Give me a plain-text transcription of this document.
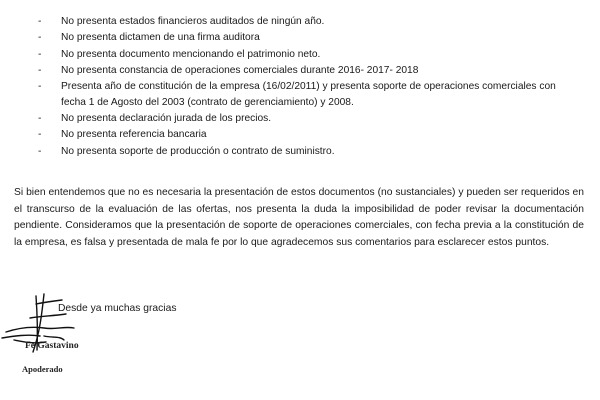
-	No presenta estados financieros auditados de ningún año.
-	No presenta dictamen de una firma auditora
-	No presenta documento mencionando el patrimonio neto.
-	No presenta constancia de operaciones comerciales durante 2016- 2017- 2018
-	Presenta año de constitución de la empresa (16/02/2011) y presenta soporte de operaciones comerciales con fecha 1 de Agosto del 2003 (contrato de gerenciamiento) y 2008.
-	No presenta declaración jurada de los precios.
-	No presenta referencia bancaria
-	No presenta soporte de producción o contrato de suministro.

Si bien entendemos que no es necesaria la presentación de estos documentos (no sustanciales) y pueden ser requeridos en el transcurso de la evaluación de las ofertas, nos presenta la duda la imposibilidad de poder revisar la documentación pendiente. Consideramos que la presentación de soporte de operaciones comerciales, con fecha previa a la constitución de la empresa, es falsa y presentada de mala fe por lo que agradecemos sus comentarios para esclarecer estos puntos.

Desde ya muchas gracias
Fe Gastavino
Apoderado
